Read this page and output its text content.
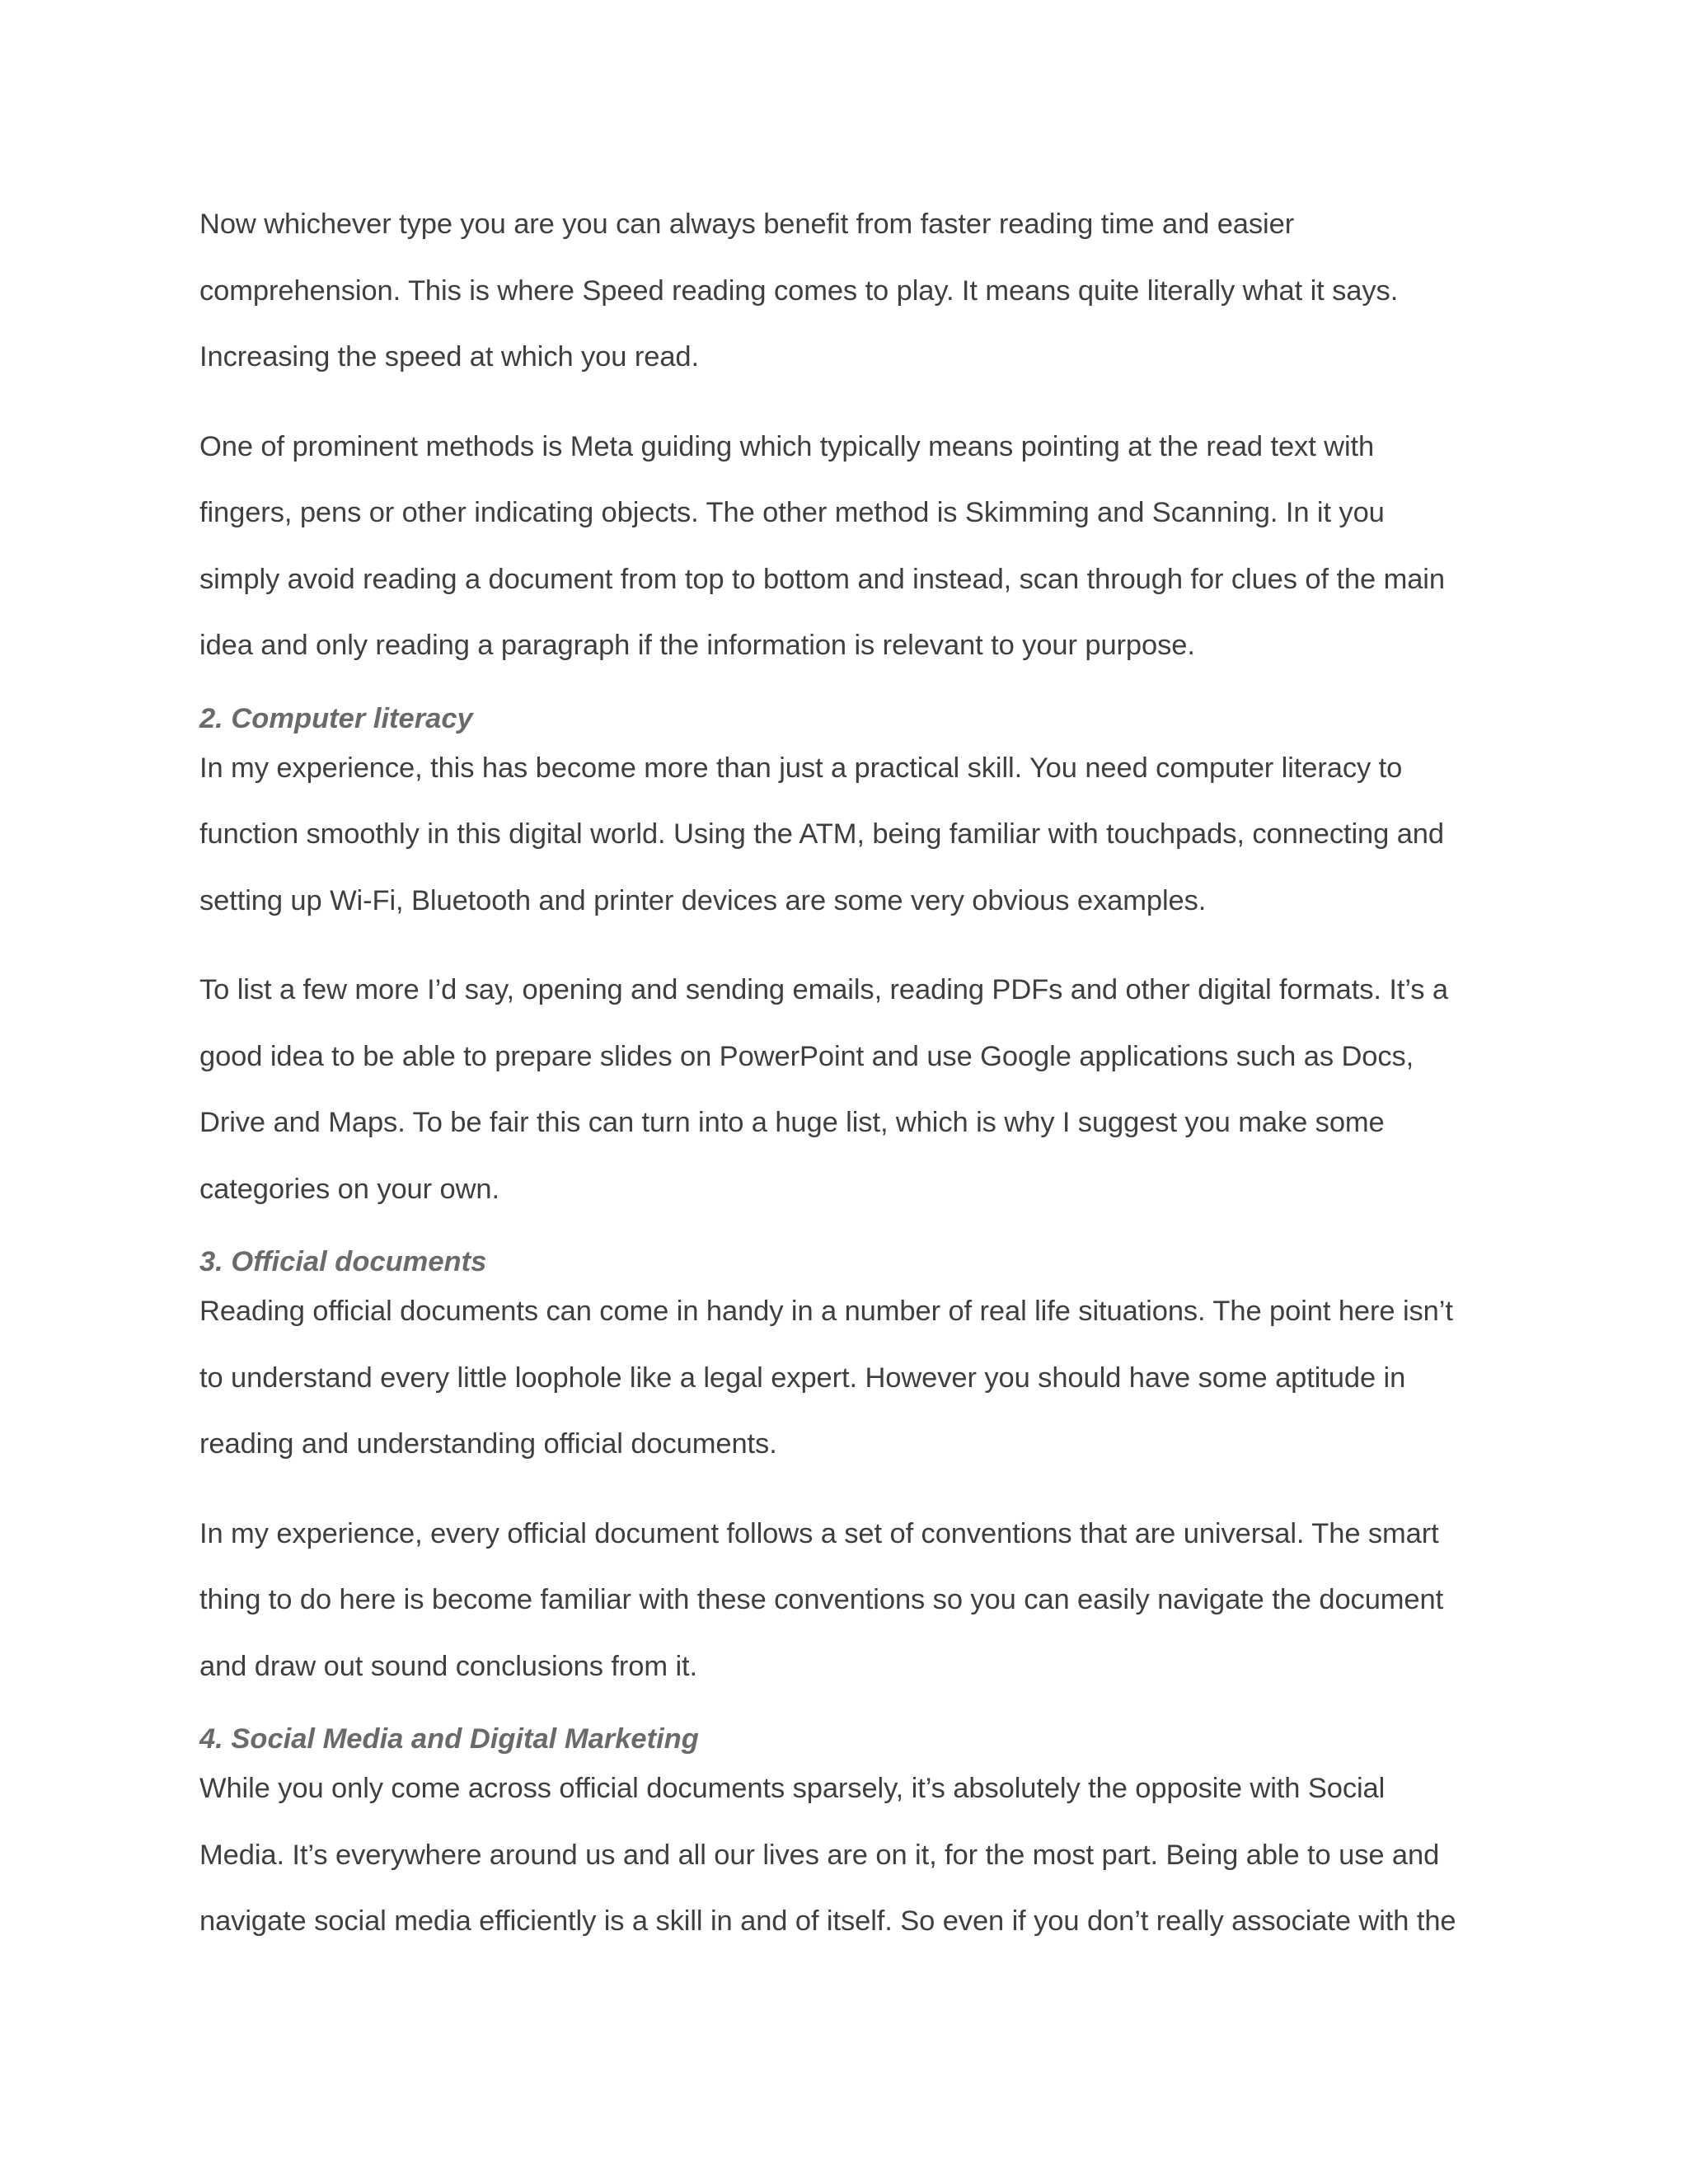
Now whichever type you are you can always benefit from faster reading time and easier
comprehension. This is where Speed reading comes to play. It means quite literally what it says.
Increasing the speed at which you read.

One of prominent methods is Meta guiding which typically means pointing at the read text with
fingers, pens or other indicating objects. The other method is Skimming and Scanning. In it you
simply avoid reading a document from top to bottom and instead, scan through for clues of the main
idea and only reading a paragraph if the information is relevant to your purpose.

2. Computer literacy

In my experience, this has become more than just a practical skill. You need computer literacy to
function smoothly in this digital world. Using the ATM, being familiar with touchpads, connecting and
setting up Wi-Fi, Bluetooth and printer devices are some very obvious examples.

To list a few more I’d say, opening and sending emails, reading PDFs and other digital formats. It’s a
good idea to be able to prepare slides on PowerPoint and use Google applications such as Docs,
Drive and Maps. To be fair this can turn into a huge list, which is why I suggest you make some
categories on your own.

3. Official documents

Reading official documents can come in handy in a number of real life situations. The point here isn’t
to understand every little loophole like a legal expert. However you should have some aptitude in
reading and understanding official documents.

In my experience, every official document follows a set of conventions that are universal. The smart
thing to do here is become familiar with these conventions so you can easily navigate the document
and draw out sound conclusions from it.

4. Social Media and Digital Marketing

While you only come across official documents sparsely, it’s absolutely the opposite with Social
Media. It’s everywhere around us and all our lives are on it, for the most part. Being able to use and
navigate social media efficiently is a skill in and of itself. So even if you don’t really associate with the
